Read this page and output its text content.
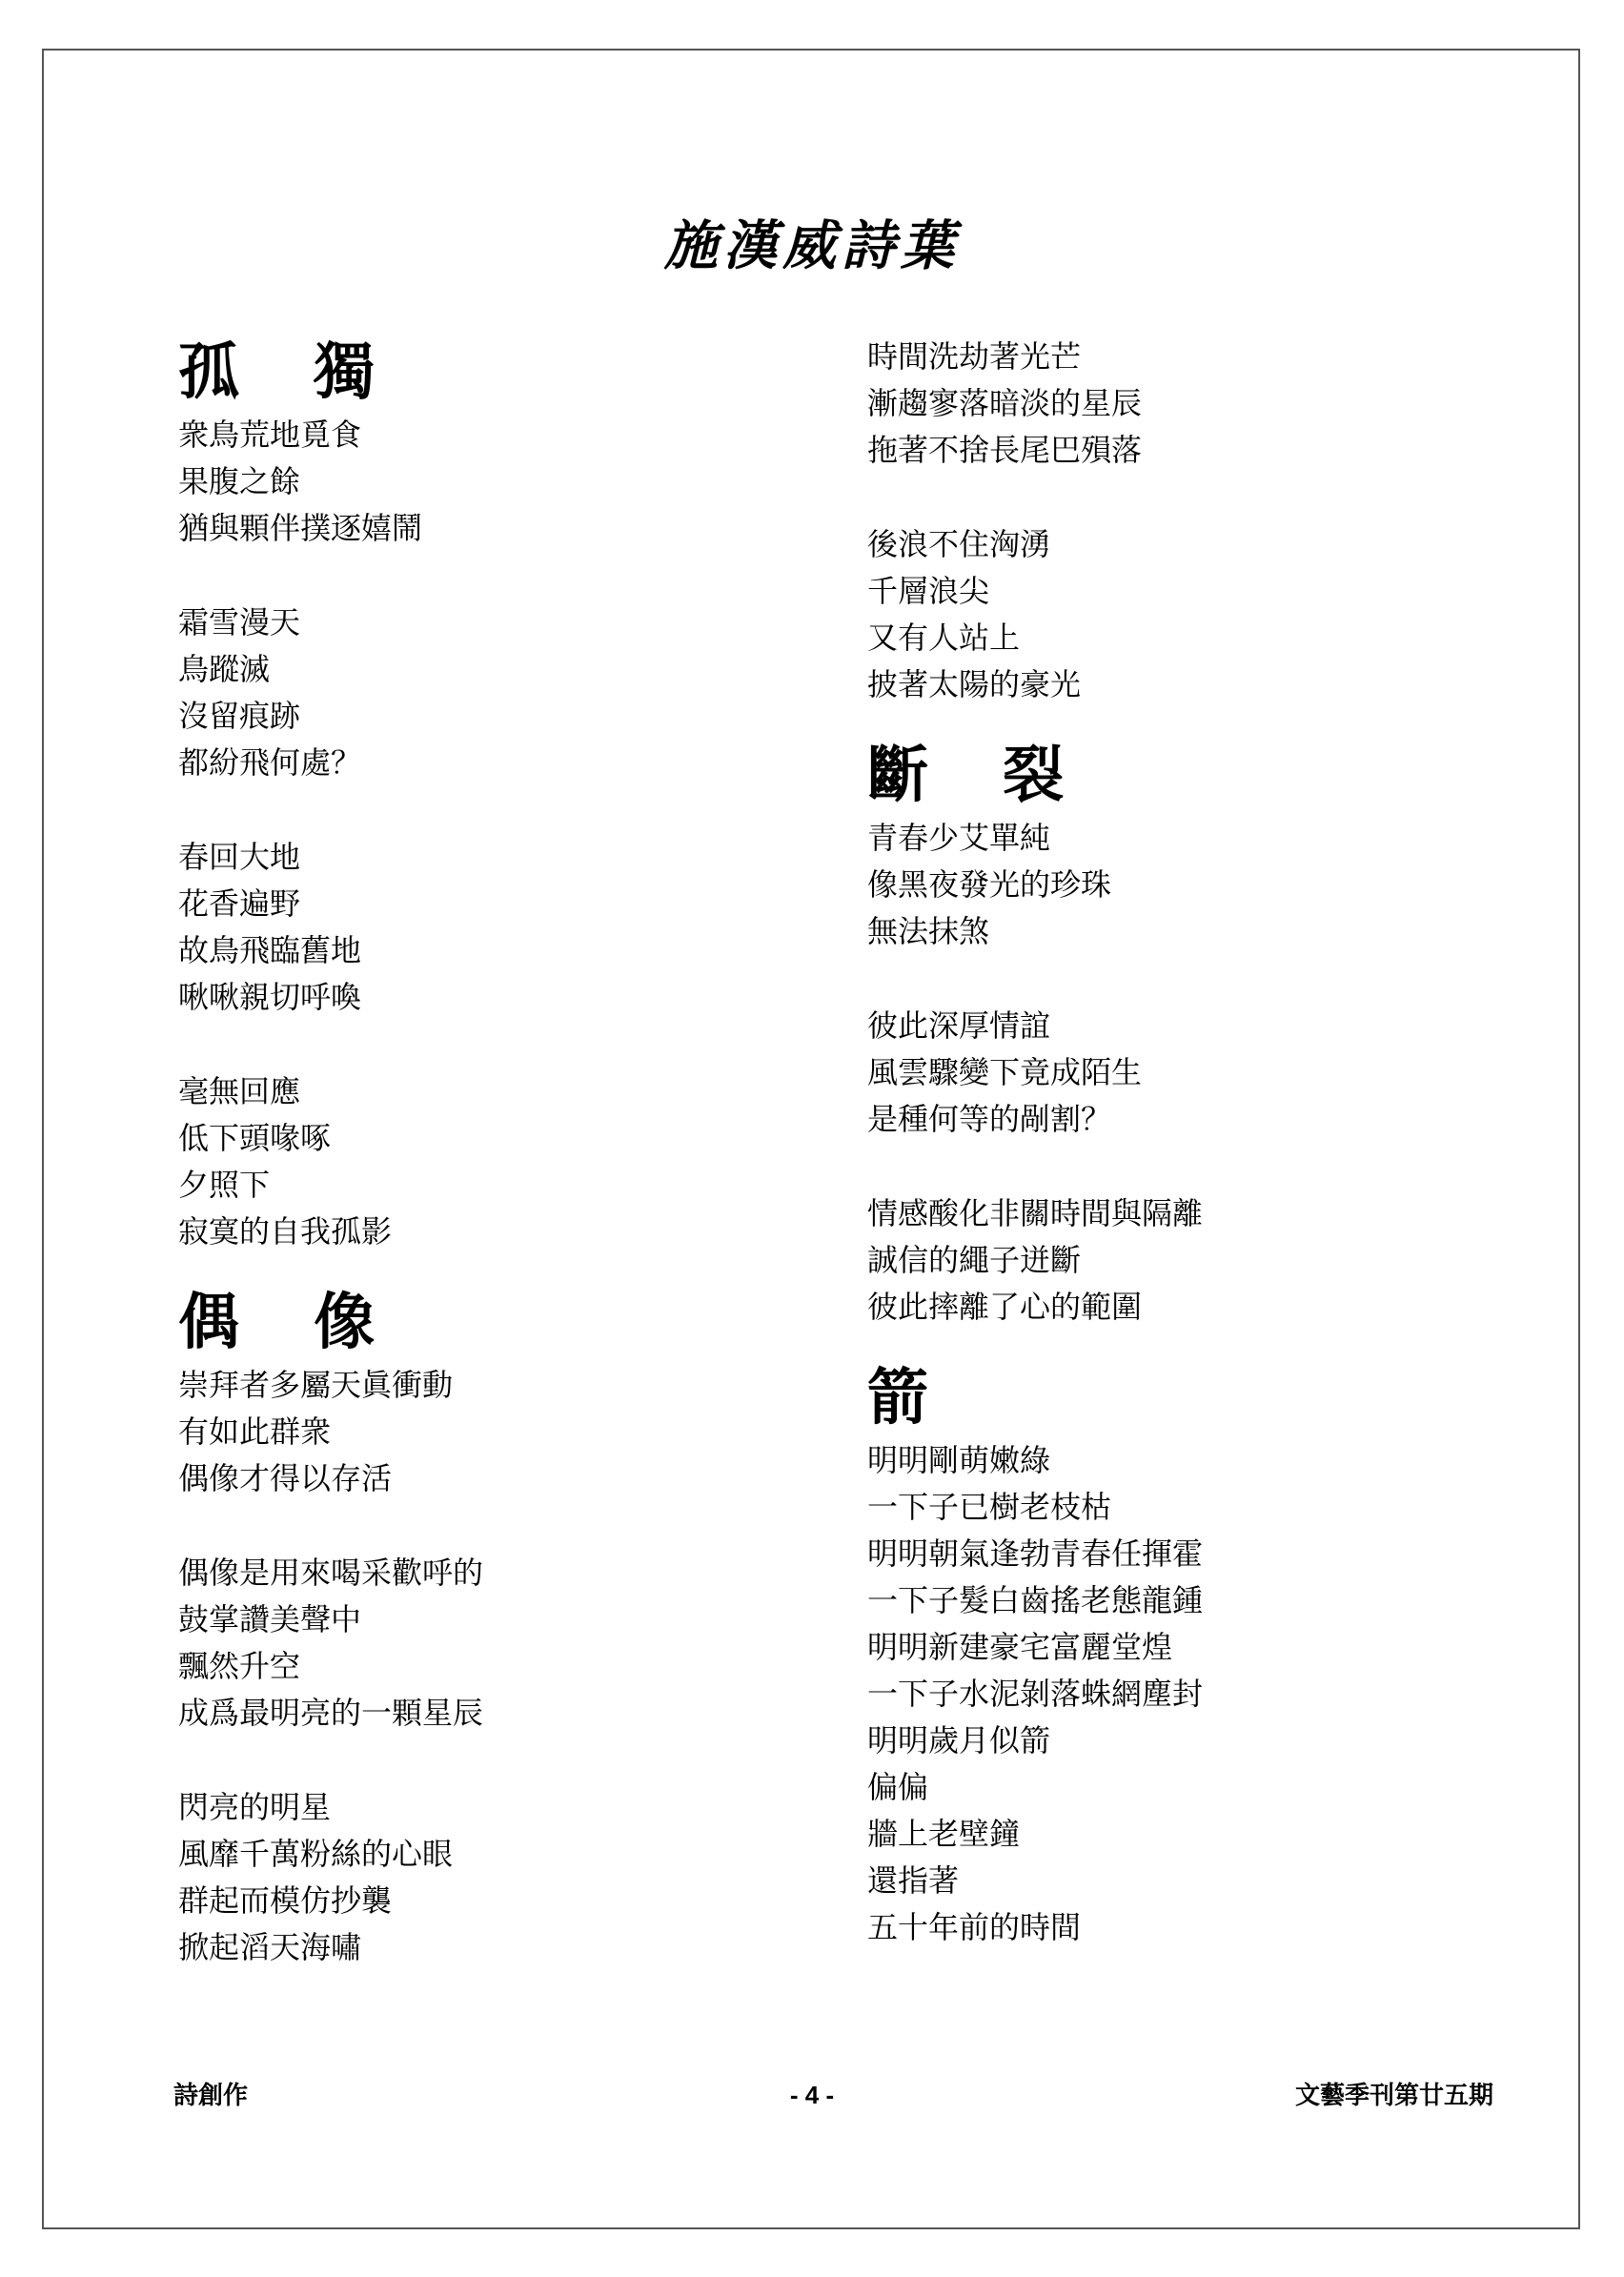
施漢威詩葉
孤 獨
衆鳥荒地覓食
果腹之餘
猶與顆伴撲逐嬉鬧
霜雪漫天
鳥蹤滅
沒留痕跡
都紛飛何處？
春回大地
花香遍野
故鳥飛臨舊地
啾啾親切呼喚
毫無回應
低下頭喙啄
夕照下
寂寞的自我孤影
偶 像
崇拜者多屬天眞衝動
有如此群衆
偶像才得以存活
偶像是用來喝采歡呼的
鼓掌讚美聲中
飄然升空
成爲最明亮的一顆星辰
閃亮的明星
風靡千萬粉絲的心眼
群起而模仿抄襲
掀起滔天海嘯
時間洗劫著光芒
漸趨寥落暗淡的星辰
拖著不捨長尾巴殞落
後浪不住洶湧
千層浪尖
又有人站上
披著太陽的豪光
斷 裂
青春少艾單純
像黑夜發光的珍珠
無法抹煞
彼此深厚情誼
風雲驟變下竟成陌生
是種何等的剮割？
情感酸化非關時間與隔離
誠信的繩子迸斷
彼此摔離了心的範圍
箭
明明剛萌嫩綠
一下子已樹老枝枯
明明朝氣逢勃青春任揮霍
一下子髮白齒搖老態龍鍾
明明新建豪宅富麗堂煌
一下子水泥剝落蛛網塵封
明明歲月似箭
偏偏
牆上老壁鐘
還指著
五十年前的時間
詩創作	- 4 -	文藝季刊第廿五期
